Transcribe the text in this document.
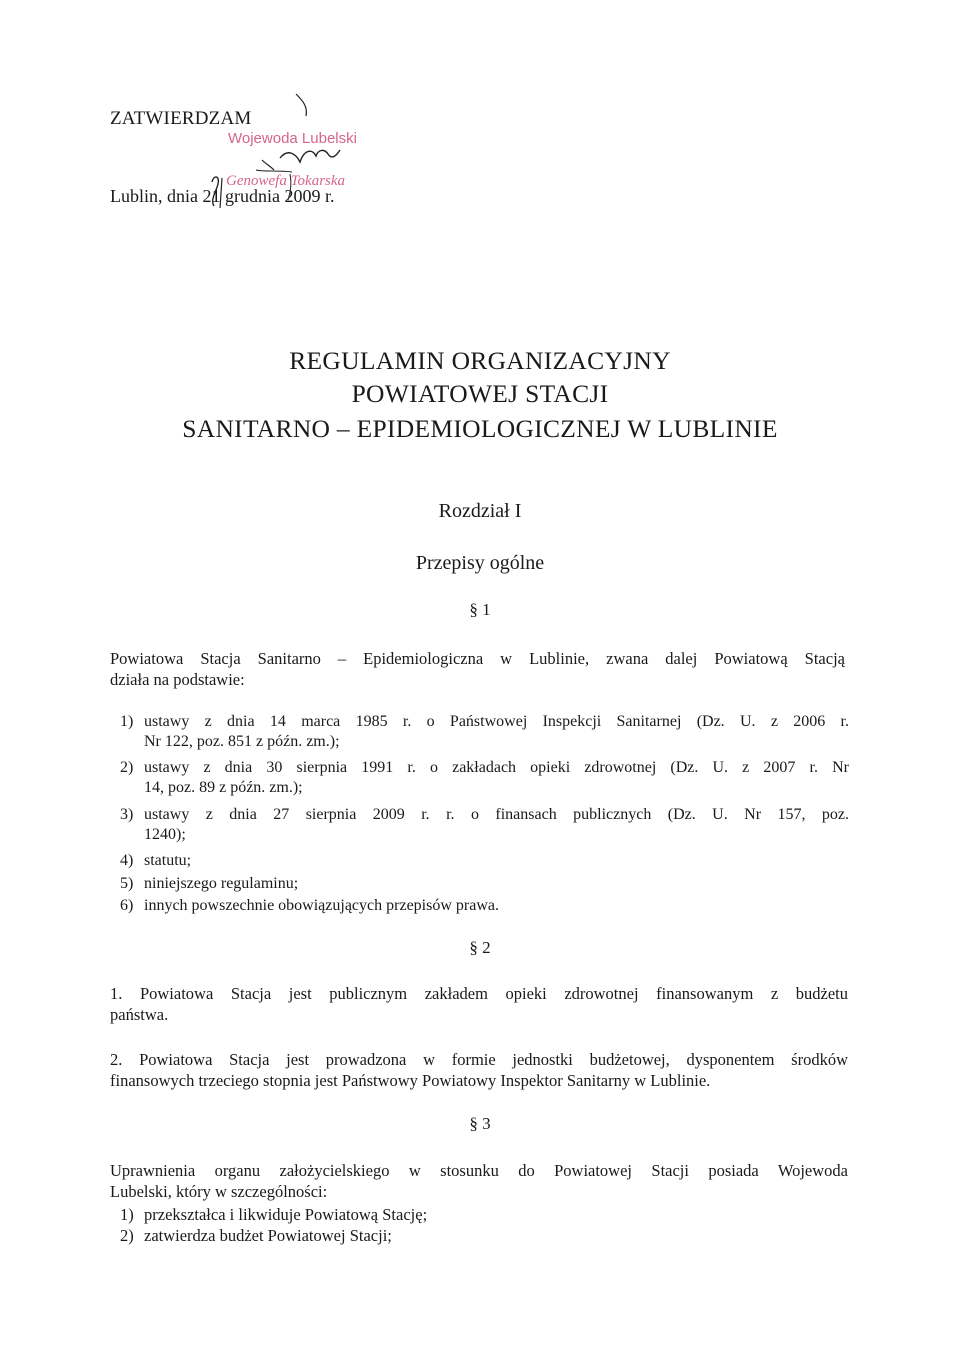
ZATWIERDZAM
Wojewoda Lubelski
Genowefa Tokarska
Lublin, dnia 21 grudnia 2009 r.
REGULAMIN ORGANIZACYJNY
POWIATOWEJ STACJI
SANITARNO – EPIDEMIOLOGICZNEJ W LUBLINIE
Rozdział I
Przepisy ogólne
§ 1
Powiatowa Stacja Sanitarno – Epidemiologiczna w Lublinie, zwana dalej Powiatową Stacją
działa na podstawie:
1) ustawy z dnia 14 marca 1985 r. o Państwowej Inspekcji Sanitarnej (Dz. U. z 2006 r.
Nr 122, poz. 851 z późn. zm.);
2) ustawy z dnia 30 sierpnia 1991 r. o zakładach opieki zdrowotnej (Dz. U. z 2007 r. Nr
14, poz. 89 z późn. zm.);
3) ustawy z dnia 27 sierpnia 2009 r. r. o finansach publicznych (Dz. U. Nr 157, poz.
1240);
4) statutu;
5) niniejszego regulaminu;
6) innych powszechnie obowiązujących przepisów prawa.
§ 2
1. Powiatowa Stacja jest publicznym zakładem opieki zdrowotnej finansowanym z budżetu
państwa.
2. Powiatowa Stacja jest prowadzona w formie jednostki budżetowej, dysponentem środków
finansowych trzeciego stopnia jest Państwowy Powiatowy Inspektor Sanitarny w Lublinie.
§ 3
Uprawnienia organu założycielskiego w stosunku do Powiatowej Stacji posiada Wojewoda
Lubelski, który w szczególności:
1) przekształca i likwiduje Powiatową Stację;
2) zatwierdza budżet Powiatowej Stacji;
